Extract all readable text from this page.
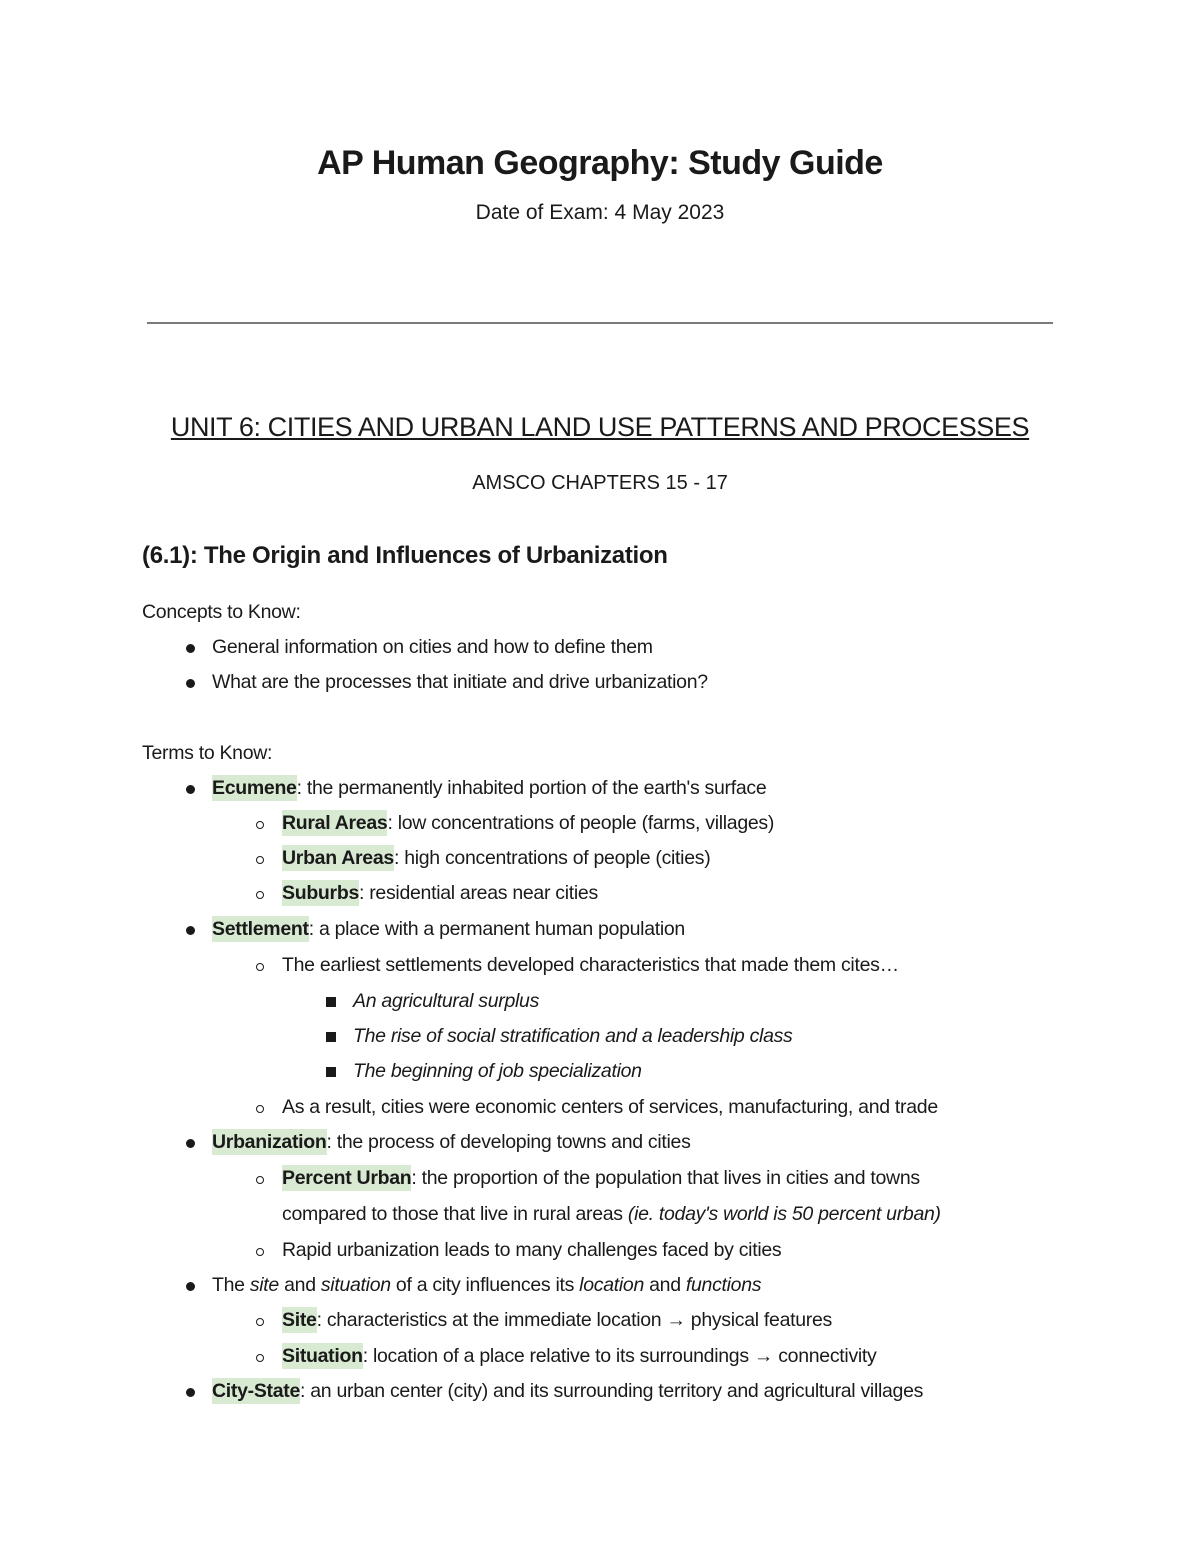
AP Human Geography: Study Guide

Date of Exam: 4 May 2023

UNIT 6: CITIES AND URBAN LAND USE PATTERNS AND PROCESSES

AMSCO CHAPTERS 15 - 17

(6.1): The Origin and Influences of Urbanization
Concepts to Know:
General information on cities and how to define them
What are the processes that initiate and drive urbanization?
Terms to Know:
Ecumene: the permanently inhabited portion of the earth's surface
Rural Areas: low concentrations of people (farms, villages)
Urban Areas: high concentrations of people (cities)
Suburbs: residential areas near cities
Settlement: a place with a permanent human population
The earliest settlements developed characteristics that made them cites…
An agricultural surplus
The rise of social stratification and a leadership class
The beginning of job specialization
As a result, cities were economic centers of services, manufacturing, and trade
Urbanization: the process of developing towns and cities
Percent Urban: the proportion of the population that lives in cities and towns
compared to those that live in rural areas (ie. today's world is 50 percent urban)
Rapid urbanization leads to many challenges faced by cities
The site and situation of a city influences its location and functions
Site: characteristics at the immediate location → physical features
Situation: location of a place relative to its surroundings → connectivity
City-State: an urban center (city) and its surrounding territory and agricultural villages
